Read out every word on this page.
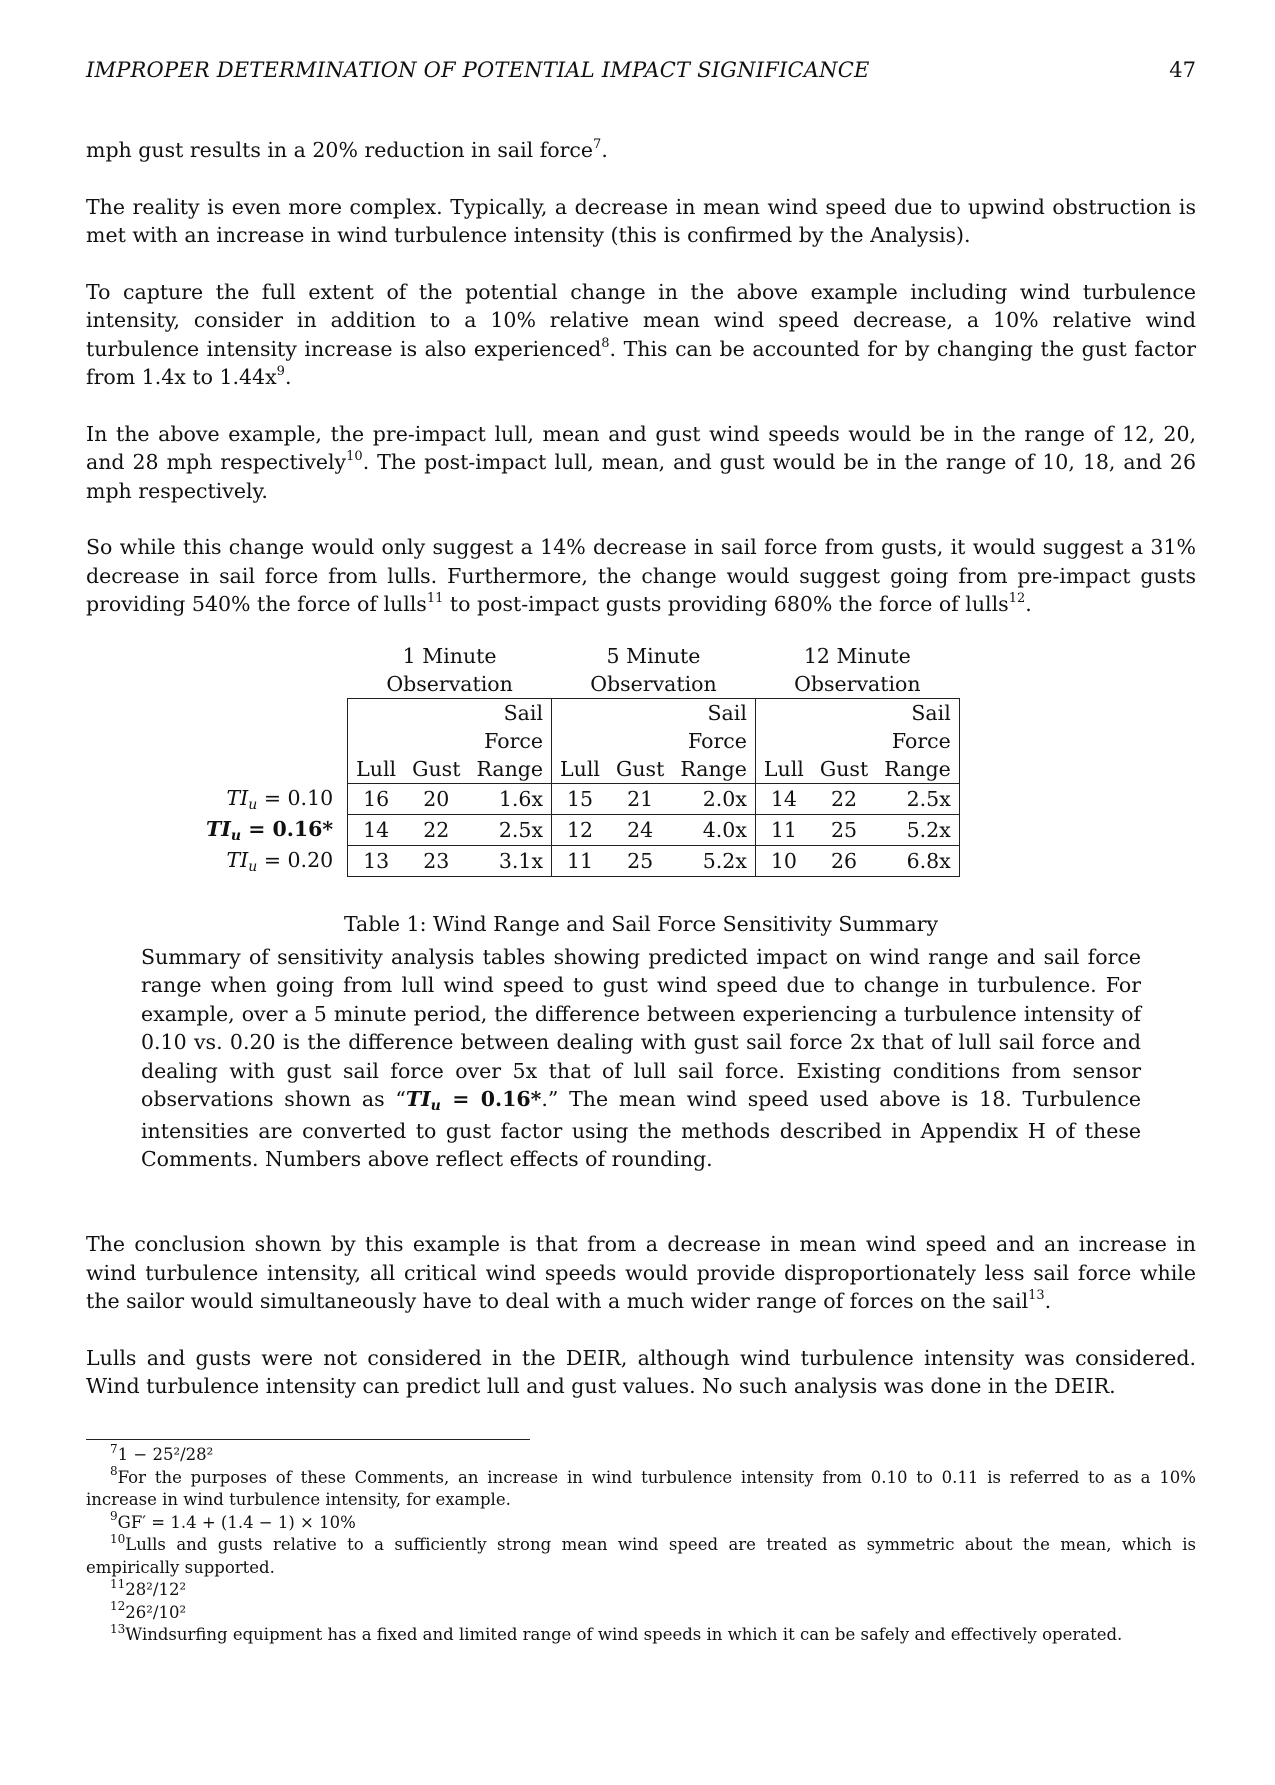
IMPROPER DETERMINATION OF POTENTIAL IMPACT SIGNIFICANCE	47

mph gust results in a 20% reduction in sail force$^7$.

The reality is even more complex. Typically, a decrease in mean wind speed due to upwind obstruction is met with an increase in wind turbulence intensity (this is confirmed by the Analysis).

To capture the full extent of the potential change in the above example including wind turbulence intensity, consider in addition to a 10% relative mean wind speed decrease, a 10% relative wind turbulence intensity increase is also experienced$^8$. This can be accounted for by changing the gust factor from 1.4x to $1.44x^9$.

In the above example, the pre-impact lull, mean and gust wind speeds would be in the range of 12, 20, and 28 mph respectively$^{10}$. The post-impact lull, mean, and gust would be in the range of 10, 18, and 26 mph respectively.

So while this change would only suggest a 14% decrease in sail force from gusts, it would suggest a 31% decrease in sail force from lulls. Furthermore, the change would suggest going from pre-impact gusts providing 540% the force of lulls$^{11}$ to post-impact gusts providing 680% the force of lulls$^{12}$.

	1 Minute			5 Minute			12 Minute		
	Observation			Observation			Observation		
			Sail			Sail			Sail
			Force			Force			Force
	Lull	Gust	Range	Lull	Gust	Range	Lull	Gust	Range
TIu = 0.10	16	20	1.6x	15	21	2.0x	14	22	2.5x
TIu = 0.16*	14	22	2.5x	12	24	4.0x	11	25	5.2x
TIu = 0.20	13	23	3.1x	11	25	5.2x	10	26	6.8x
Table 1: Wind Range and Sail Force Sensitivity Summary
Summary of sensitivity analysis tables showing predicted impact on wind range and sail force range when going from lull wind speed to gust wind speed due to change in turbulence. For example, over a 5 minute period, the difference between experiencing a turbulence intensity of 0.10 vs. 0.20 is the difference between dealing with gust sail force 2x that of lull sail force and dealing with gust sail force over 5x that of lull sail force. Existing conditions from sensor observations shown as “TIu = 0.16*.” The mean wind speed used above is 18. Turbulence intensities are converted to gust factor using the methods described in Appendix H of these Comments. Numbers above reflect effects of rounding.

The conclusion shown by this example is that from a decrease in mean wind speed and an increase in wind turbulence intensity, all critical wind speeds would provide disproportionately less sail force while the sailor would simultaneously have to deal with a much wider range of forces on the sail$^{13}$.

Lulls and gusts were not considered in the DEIR, although wind turbulence intensity was considered. Wind turbulence intensity can predict lull and gust values. No such analysis was done in the DEIR.

$^7$1 − 25²/28²

$^8$For the purposes of these Comments, an increase in wind turbulence intensity from 0.10 to 0.11 is referred to as a 10% increase in wind turbulence intensity, for example.

$^9$GF′ = 1.4 + (1.4 − 1) × 10%

$^{10}$Lulls and gusts relative to a sufficiently strong mean wind speed are treated as symmetric about the mean, which is empirically supported.

$^{11}$28²/12²

$^{12}$26²/10²

$^{13}$Windsurfing equipment has a fixed and limited range of wind speeds in which it can be safely and effectively operated.
